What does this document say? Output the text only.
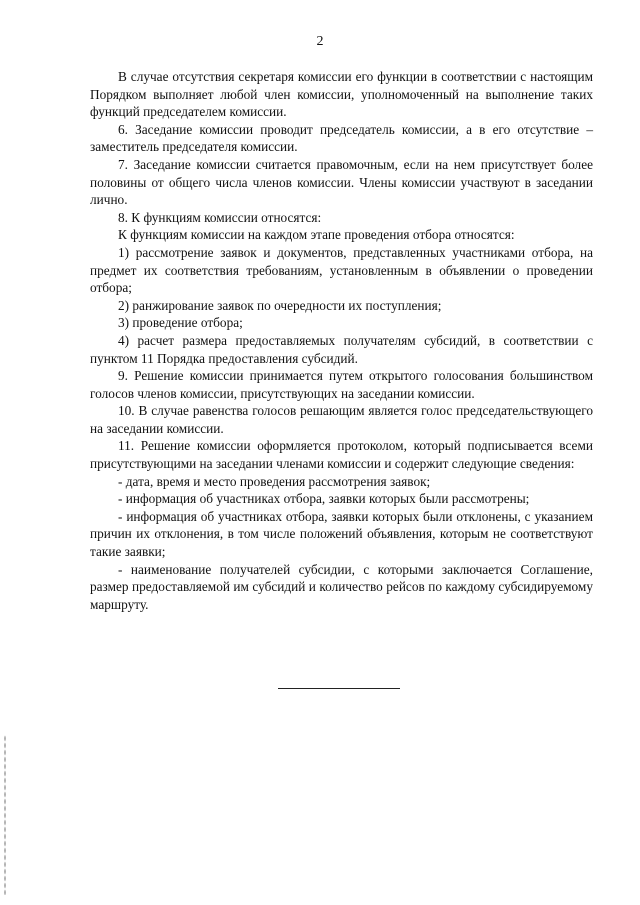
2

В случае отсутствия секретаря комиссии его функции в соответствии с настоящим Порядком выполняет любой член комиссии, уполномоченный на выполнение таких функций председателем комиссии.

6. Заседание комиссии проводит председатель комиссии, а в его отсутствие – заместитель председателя комиссии.

7. Заседание комиссии считается правомочным, если на нем присутствует более половины от общего числа членов комиссии. Члены комиссии участвуют в заседании лично.

8. К функциям комиссии относятся:

К функциям комиссии на каждом этапе проведения отбора относятся:

1) рассмотрение заявок и документов, представленных участниками отбора, на предмет их соответствия требованиям, установленным в объявлении о проведении отбора;

2) ранжирование заявок по очередности их поступления;

3) проведение отбора;

4) расчет размера предоставляемых получателям субсидий, в соответствии с пунктом 11 Порядка предоставления субсидий.

9. Решение комиссии принимается путем открытого голосования большинством голосов членов комиссии, присутствующих на заседании комиссии.

10. В случае равенства голосов решающим является голос председательствующего на заседании комиссии.

11. Решение комиссии оформляется протоколом, который подписывается всеми присутствующими на заседании членами комиссии и содержит следующие сведения:

- дата, время и место проведения рассмотрения заявок;

- информация об участниках отбора, заявки которых были рассмотрены;

- информация об участниках отбора, заявки которых были отклонены, с указанием причин их отклонения, в том числе положений объявления, которым не соответствуют такие заявки;

- наименование получателей субсидии, с которыми заключается Соглашение, размер предоставляемой им субсидий и количество рейсов по каждому субсидируемому маршруту.
